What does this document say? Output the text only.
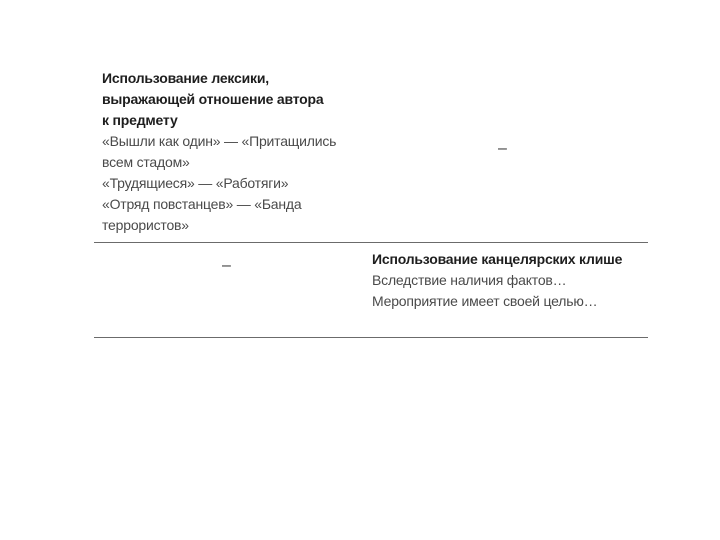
Использование лексики,
выражающей отношение автора
к предмету
«Вышли как один» — «Притащились всем стадом»
«Трудящиеся» — «Работяги»
«Отряд повстанцев» — «Банда террористов»
–
–	Использование канцелярских клише
Вследствие наличия фактов…
Мероприятие имеет своей целью…
